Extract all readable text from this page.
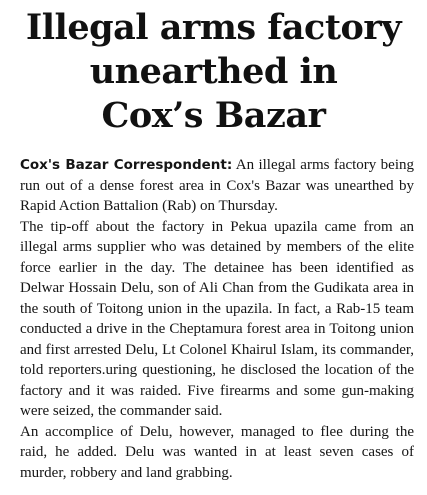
Illegal arms factory
unearthed in
Cox’s Bazar

Cox's Bazar Correspondent: An illegal arms factory being run out of a dense forest area in Cox's Bazar was unearthed by Rapid Action Battalion (Rab) on Thursday.

The tip-off about the factory in Pekua upazila came from an illegal arms supplier who was detained by members of the elite force earlier in the day. The detainee has been identified as Delwar Hossain Delu, son of Ali Chan from the Gudikata area in the south of Toitong union in the upazila. In fact, a Rab-15 team conducted a drive in the Cheptamura forest area in Toitong union and first arrested Delu, Lt Colonel Khairul Islam, its commander, told reporters.uring questioning, he disclosed the location of the factory and it was raided. Five firearms and some gun-making were seized, the commander said.

An accomplice of Delu, however, managed to flee during the raid, he added. Delu was wanted in at least seven cases of murder, robbery and land grabbing.
